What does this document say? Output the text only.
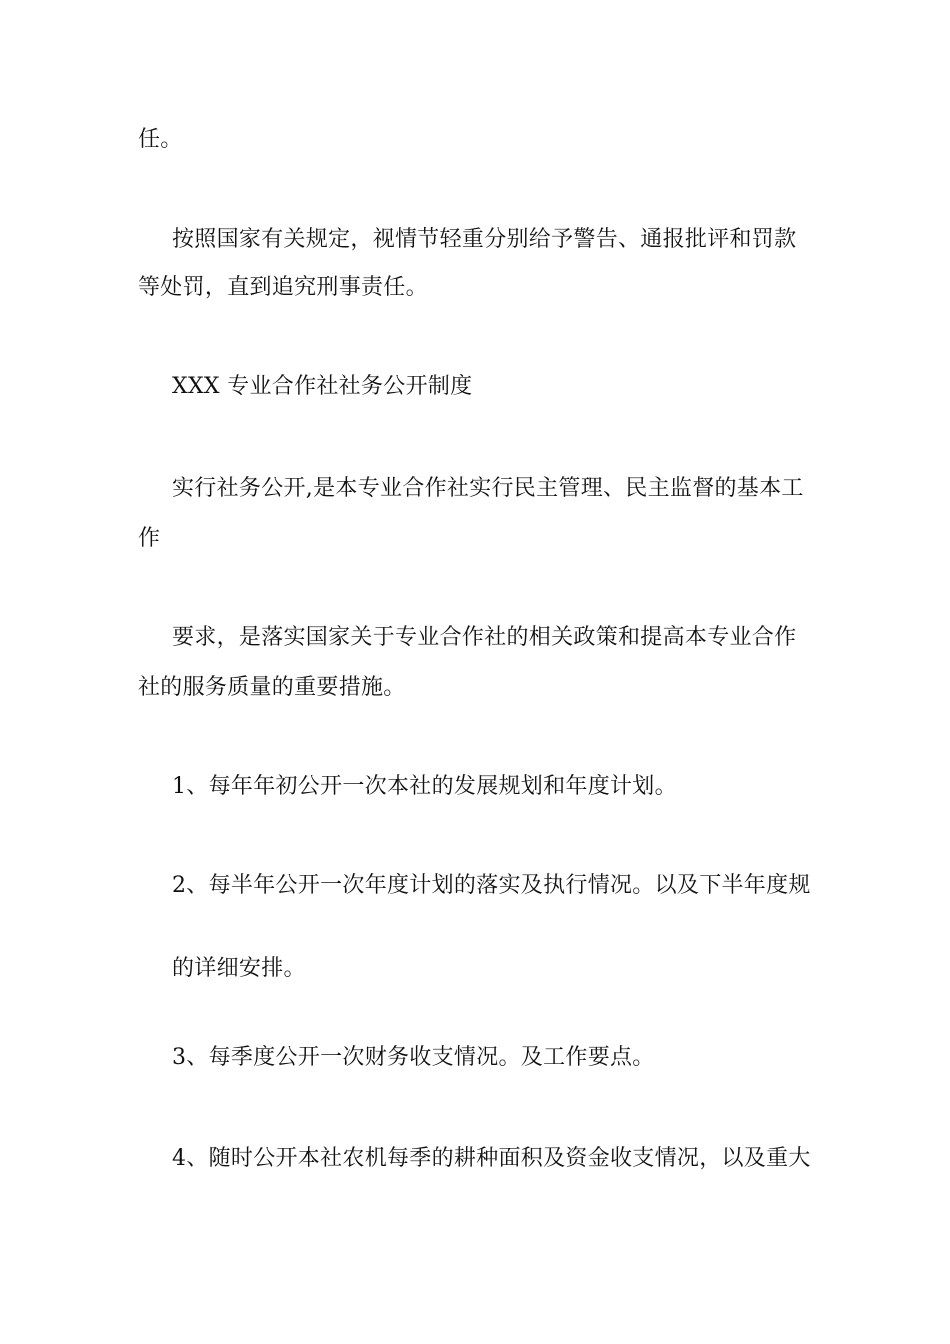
任。
按照国家有关规定，视情节轻重分别给予警告、通报批评和罚款
等处罚，直到追究刑事责任。
XXX 专业合作社社务公开制度
实行社务公开,是本专业合作社实行民主管理、民主监督的基本工
作
要求，是落实国家关于专业合作社的相关政策和提高本专业合作
社的服务质量的重要措施。
1、每年年初公开一次本社的发展规划和年度计划。
2、每半年公开一次年度计划的落实及执行情况。以及下半年度规
的详细安排。
3、每季度公开一次财务收支情况。及工作要点。
4、随时公开本社农机每季的耕种面积及资金收支情况，以及重大
